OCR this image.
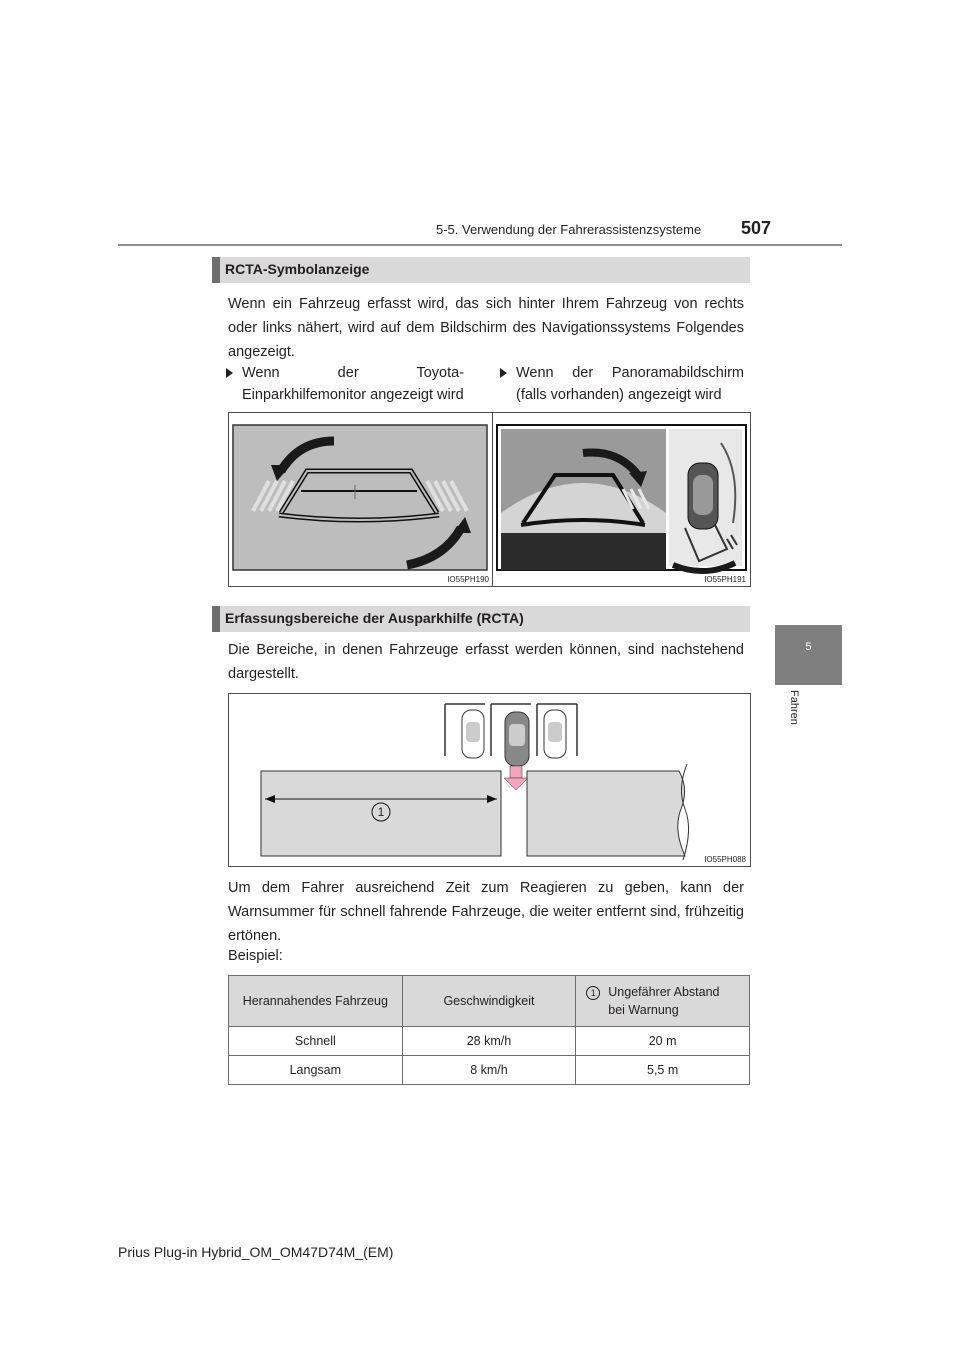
5-5. Verwendung der Fahrerassistenzsysteme 507
5
Fahren
RCTA-Symbolanzeige
Wenn ein Fahrzeug erfasst wird, das sich hinter Ihrem Fahrzeug von rechts oder links nähert, wird auf dem Bildschirm des Navigationssystems Folgendes angezeigt.
Wenn der Toyota-Einparkhilfemonitor angezeigt wird
Wenn der Panoramabildschirm (falls vorhanden) angezeigt wird
IO55PH190	IO55PH191
Erfassungsbereiche der Ausparkhilfe (RCTA)
Die Bereiche, in denen Fahrzeuge erfasst werden können, sind nachstehend dargestellt.
1
IO55PH088
Um dem Fahrer ausreichend Zeit zum Reagieren zu geben, kann der Warnsummer für schnell fahrende Fahrzeuge, die weiter entfernt sind, frühzeitig ertönen.
Beispiel:
Herannahendes Fahrzeug	Geschwindigkeit	1 Ungefährer Abstand
bei Warnung

Schnell	28 km/h	20 m
Langsam	8 km/h	5,5 m
Prius Plug-in Hybrid_OM_OM47D74M_(EM)
